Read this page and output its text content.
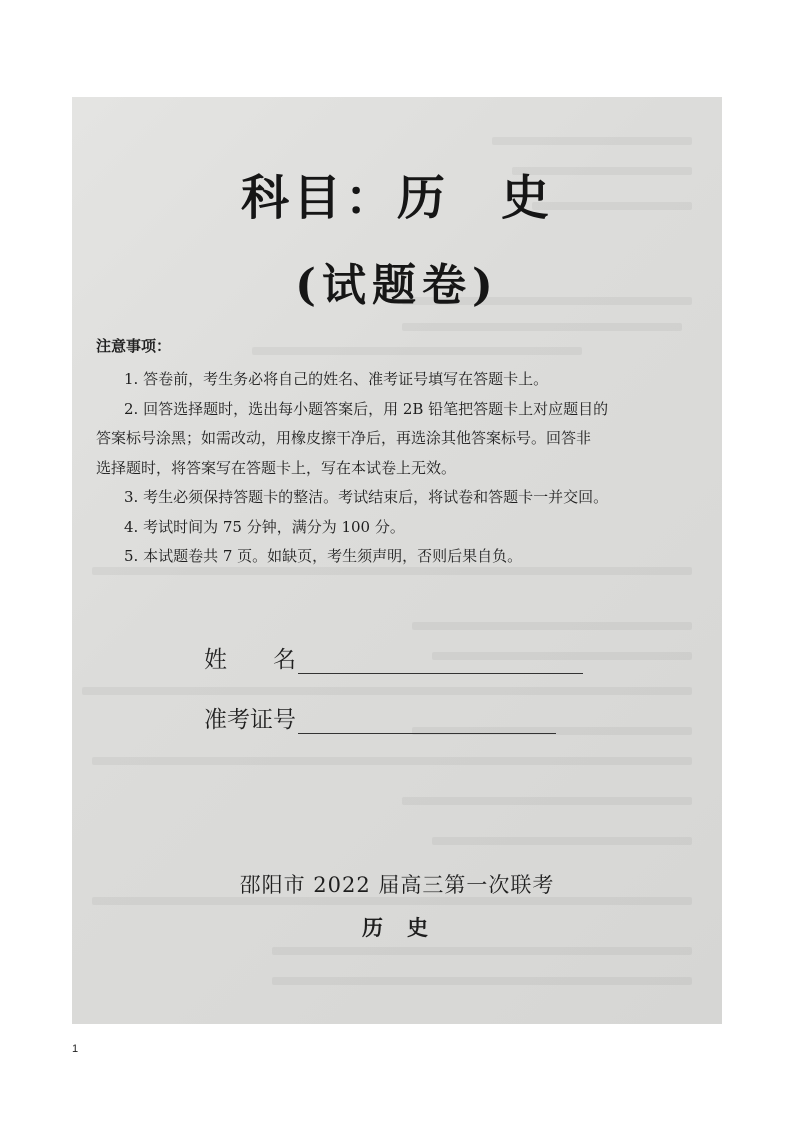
科目：历　史
(试题卷)
注意事项：

1. 答卷前，考生务必将自己的姓名、准考证号填写在答题卡上。

2. 回答选择题时，选出每小题答案后，用 2B 铅笔把答题卡上对应题目的

答案标号涂黑；如需改动，用橡皮擦干净后，再选涂其他答案标号。回答非

选择题时，将答案写在答题卡上，写在本试卷上无效。

3. 考生必须保持答题卡的整洁。考试结束后，将试卷和答题卡一并交回。

4. 考试时间为 75 分钟，满分为 100 分。

5. 本试题卷共 7 页。如缺页，考生须声明，否则后果自负。

姓　　名
准考证号
邵阳市 2022 届高三第一次联考
历史
1
